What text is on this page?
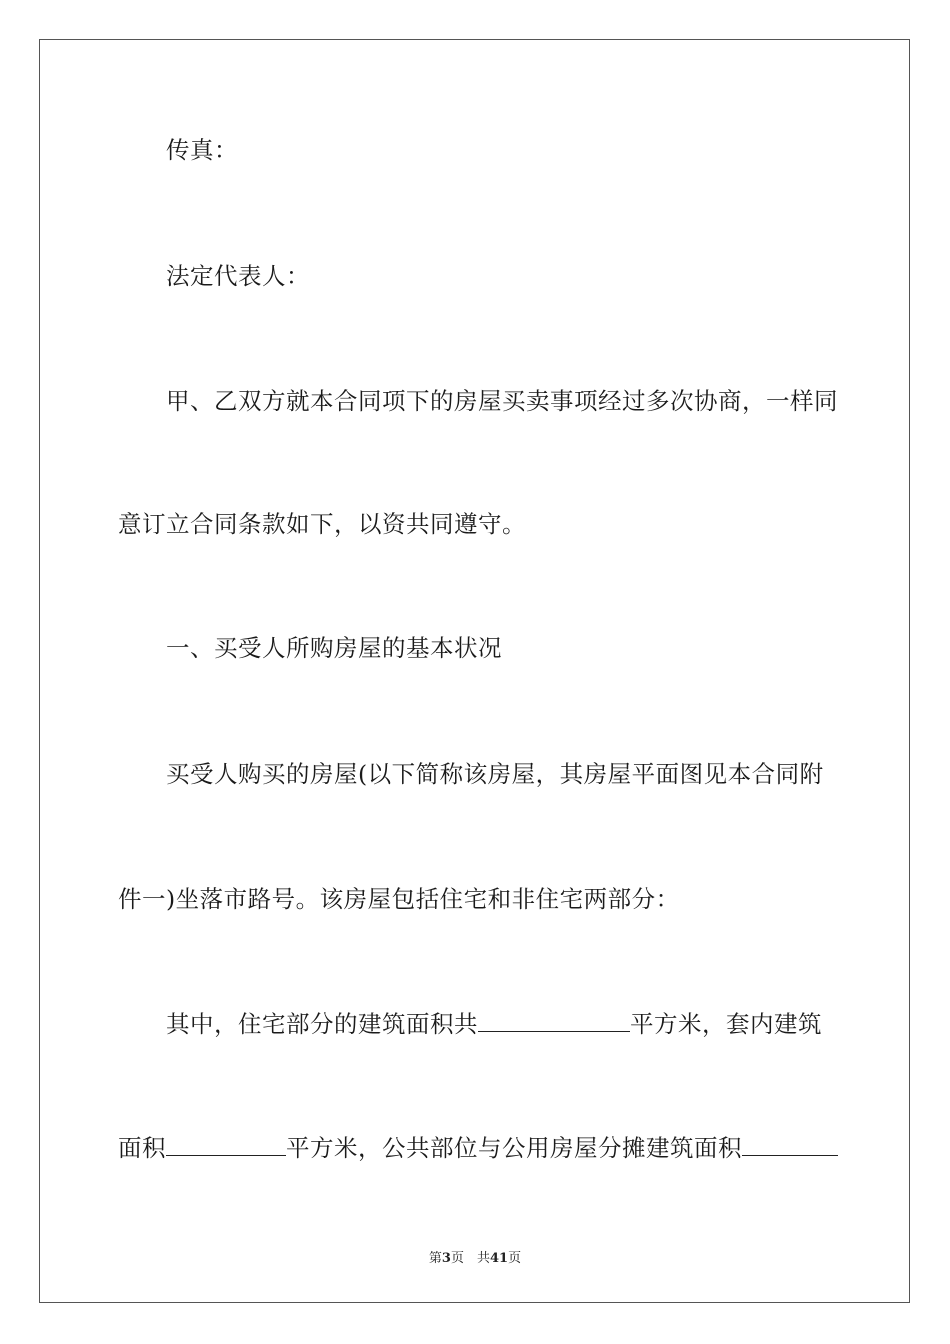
传真：
法定代表人：
甲、乙双方就本合同项下的房屋买卖事项经过多次协商，一样同
意订立合同条款如下，以资共同遵守。
一、买受人所购房屋的基本状况
买受人购买的房屋(以下简称该房屋，其房屋平面图见本合同附
件一)坐落市路号。该房屋包括住宅和非住宅两部分：
其中，住宅部分的建筑面积共	平方米，套内建筑
面积	平方米，公共部位与公用房屋分摊建筑面积
第3页　共41页
